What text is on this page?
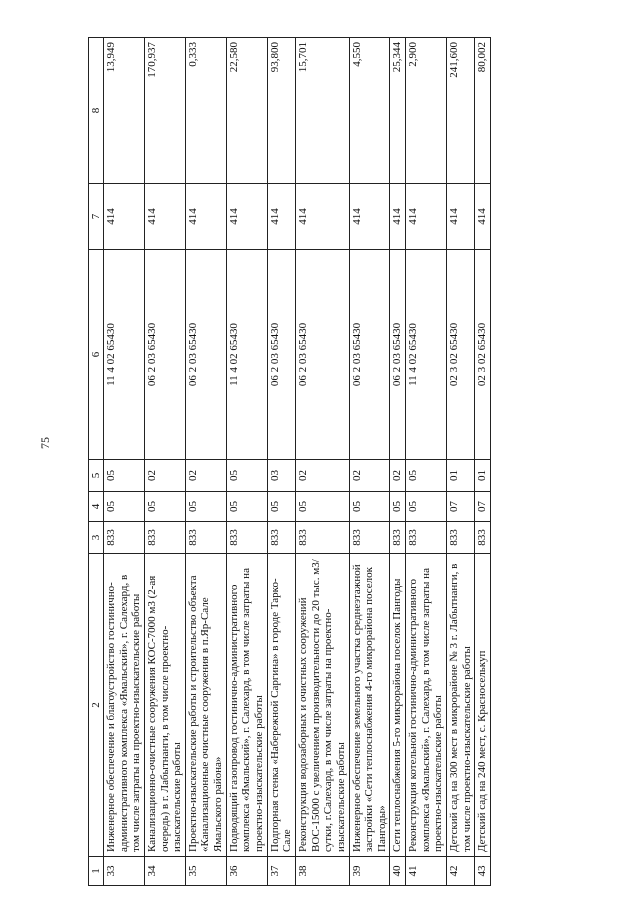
75
1	2	3	4	5	6	7	8
33	Инженерное обеспечение и благоустройство гостинично-административного комплекса «Ямальский», г. Салехард, в том числе затраты на проектно-изыскательские работы	833	05	05	11 4 02 65430	414	13,949
34	Канализационно-очистные сооружения КОС-7000 м3 (2-ая очередь) в г. Лабытнанги, в том числе проектно-изыскательские работы	833	05	02	06 2 03 65430	414	170,937
35	Проектно-изыскательские работы и строительство объекта «Канализационные очистные сооружения в п.Яр-Сале Ямальского района»	833	05	02	06 2 03 65430	414	0,333
36	Подводящий газопровод гостинично-административного комплекса «Ямальский», г. Салехард, в том числе затраты на проектно-изыскательские работы	833	05	05	11 4 02 65430	414	22,580
37	Подпорная стенка «Набережной Саргина» в городе Тарко-Сале	833	05	03	06 2 03 65430	414	93,800
38	Реконструкция водозаборных и очистных сооружений ВОС-15000 с увеличением производительности до 20 тыс. м3/сутки, г.Салехард, в том числе затраты на проектно-изыскательские работы	833	05	02	06 2 03 65430	414	15,701
39	Инженерное обеспечение земельного участка среднеэтажной застройки «Сети теплоснабжения 4-го микрорайона поселок Пангоды»	833	05	02	06 2 03 65430	414	4,550
40	Сети теплоснабжения 5-го микрорайона поселок Пангоды	833	05	02	06 2 03 65430	414	25,344
41	Реконструкция котельной гостинично-административного комплекса «Ямальский», г. Салехард, в том числе затраты на проектно-изыскательские работы	833	05	05	11 4 02 65430	414	2,900
42	Детский сад на 300 мест в микрорайоне № 3 г. Лабытнанги, в том числе проектно-изыскательские работы	833	07	01	02 3 02 65430	414	241,600
43	Детский сад на 240 мест, с. Красноселькуп	833	07	01	02 3 02 65430	414	80,002
